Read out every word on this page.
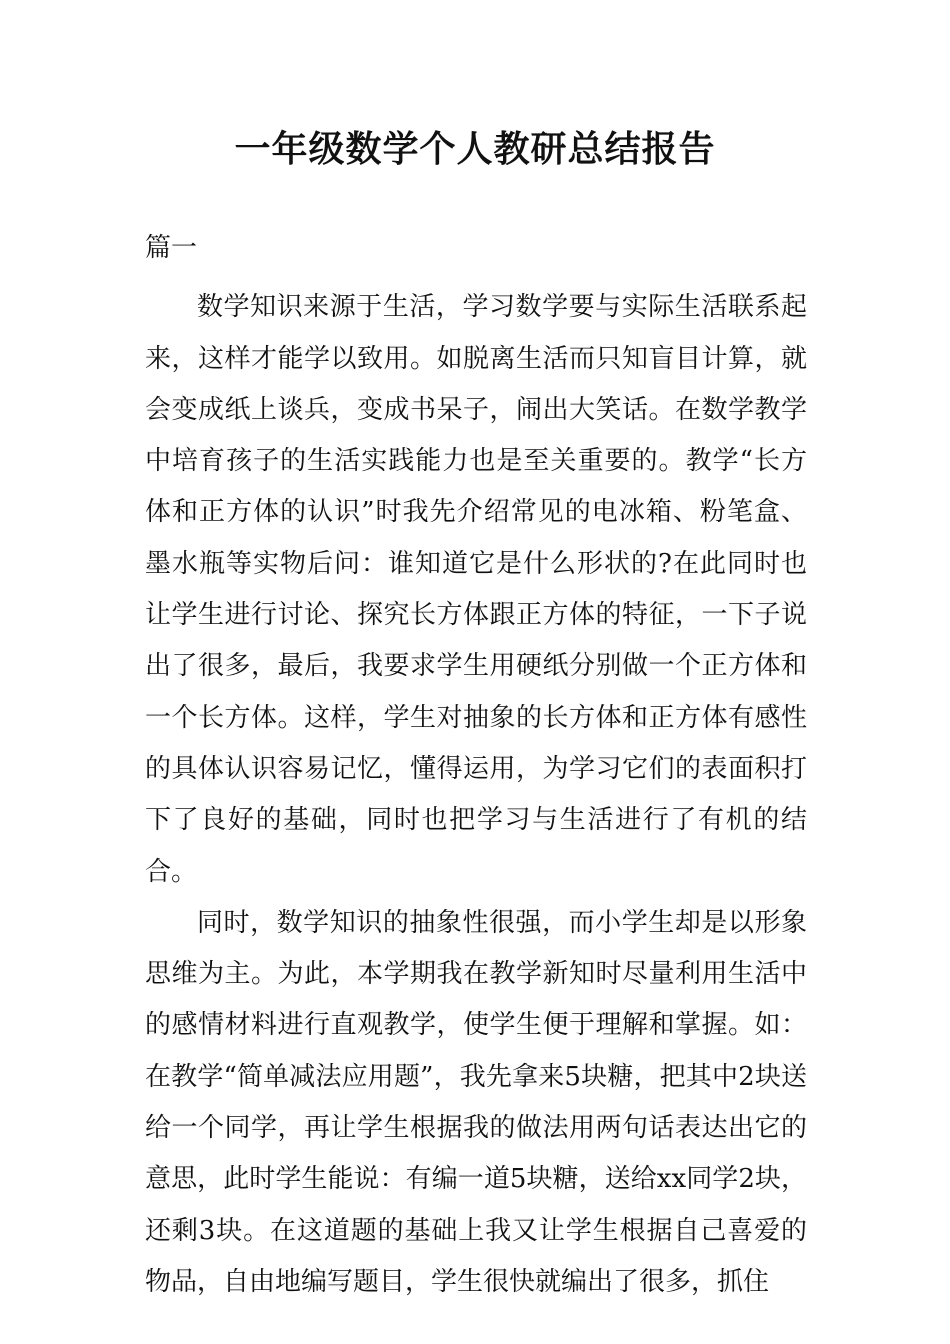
一年级数学个人教研总结报告

篇一

数学知识来源于生活，学习数学要与实际生活联系起来，这样才能学以致用。如脱离生活而只知盲目计算，就会变成纸上谈兵，变成书呆子，闹出大笑话。在数学教学中培育孩子的生活实践能力也是至关重要的。教学“长方体和正方体的认识”时我先介绍常见的电冰箱、粉笔盒、墨水瓶等实物后问：谁知道它是什么形状的?在此同时也让学生进行讨论、探究长方体跟正方体的特征，一下子说出了很多，最后，我要求学生用硬纸分别做一个正方体和一个长方体。这样，学生对抽象的长方体和正方体有感性的具体认识容易记忆，懂得运用，为学习它们的表面积打下了良好的基础，同时也把学习与生活进行了有机的结合。

同时，数学知识的抽象性很强，而小学生却是以形象思维为主。为此，本学期我在教学新知时尽量利用生活中的感情材料进行直观教学，使学生便于理解和掌握。如：在教学“简单减法应用题”，我先拿来5块糖，把其中2块送给一个同学，再让学生根据我的做法用两句话表达出它的意思，此时学生能说：有编一道5块糖，送给xx同学2块，还剩3块。在这道题的基础上我又让学生根据自己喜爱的物品，自由地编写题目，学生很快就编出了很多，抓住
